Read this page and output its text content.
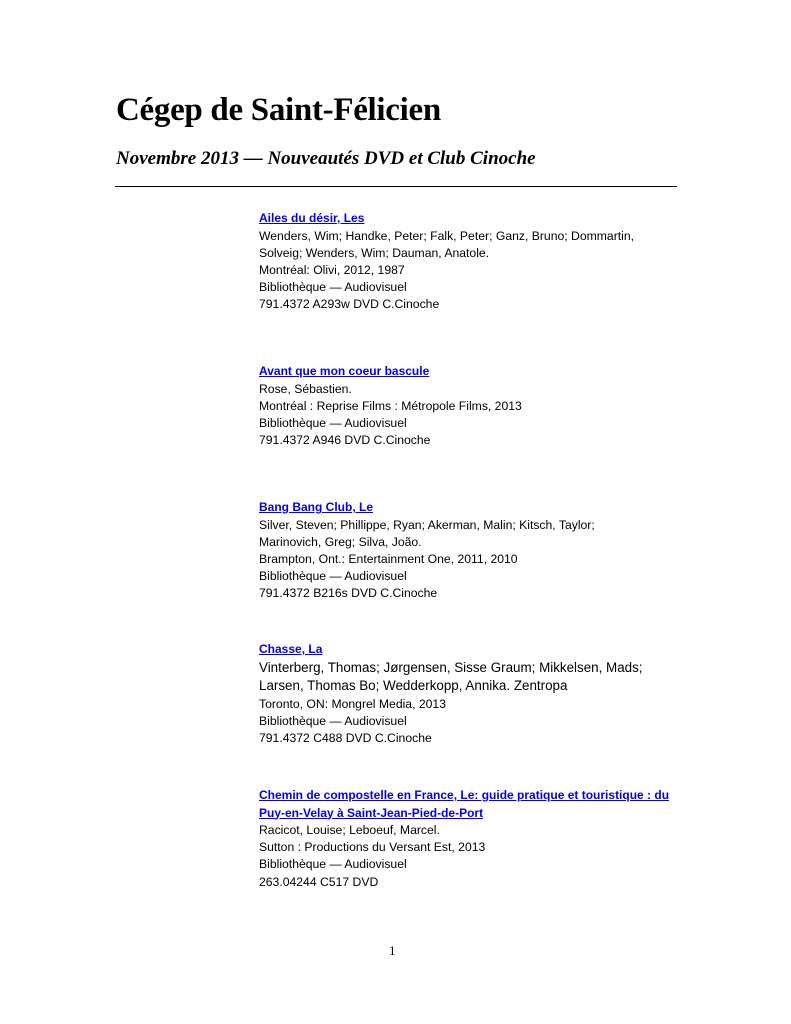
Cégep de Saint-Félicien
Novembre 2013 — Nouveautés DVD et Club Cinoche
Ailes du désir, Les
Wenders, Wim; Handke, Peter; Falk, Peter; Ganz, Bruno; Dommartin, Solveig; Wenders, Wim; Dauman, Anatole.
Montréal: Olivi, 2012, 1987
Bibliothèque — Audiovisuel
791.4372 A293w DVD C.Cinoche
Avant que mon coeur bascule
Rose, Sébastien.
Montréal : Reprise Films : Métropole Films, 2013
Bibliothèque — Audiovisuel
791.4372 A946 DVD C.Cinoche
Bang Bang Club, Le
Silver, Steven; Phillippe, Ryan; Akerman, Malin; Kitsch, Taylor; Marinovich, Greg; Silva, João.
Brampton, Ont.: Entertainment One, 2011, 2010
Bibliothèque — Audiovisuel
791.4372 B216s DVD C.Cinoche
Chasse, La
Vinterberg, Thomas; Jørgensen, Sisse Graum; Mikkelsen, Mads; Larsen, Thomas Bo; Wedderkopp, Annika. Zentropa
Toronto, ON: Mongrel Media, 2013
Bibliothèque — Audiovisuel
791.4372 C488 DVD C.Cinoche
Chemin de compostelle en France, Le: guide pratique et touristique : du Puy-en-Velay à Saint-Jean-Pied-de-Port
Racicot, Louise; Leboeuf, Marcel.
Sutton : Productions du Versant Est, 2013
Bibliothèque — Audiovisuel
263.04244 C517 DVD
1
